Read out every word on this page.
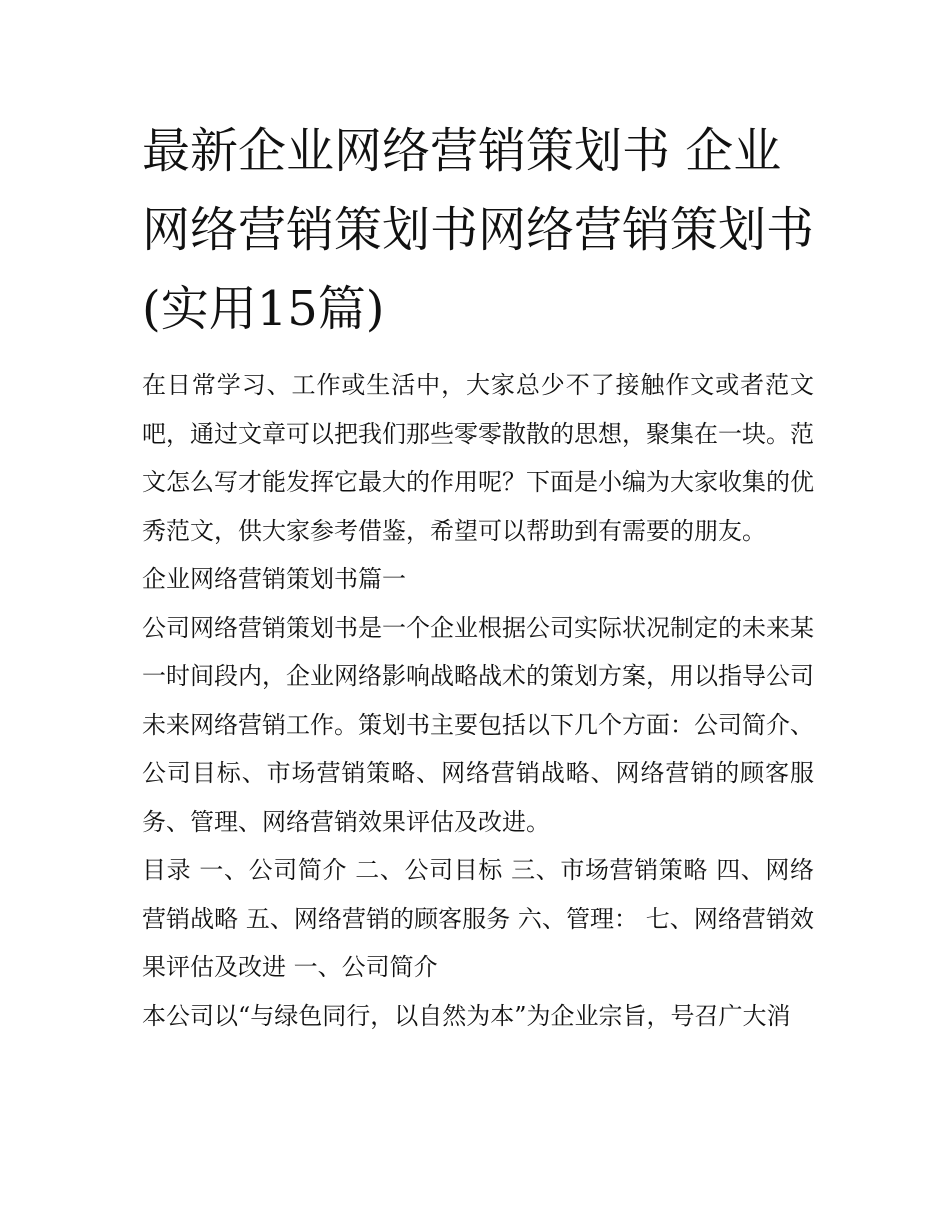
最新企业网络营销策划书 企业网络营销策划书网络营销策划书(实用15篇)

在日常学习、工作或生活中，大家总少不了接触作文或者范文吧，通过文章可以把我们那些零零散散的思想，聚集在一块。范文怎么写才能发挥它最大的作用呢？下面是小编为大家收集的优秀范文，供大家参考借鉴，希望可以帮助到有需要的朋友。

企业网络营销策划书篇一

公司网络营销策划书是一个企业根据公司实际状况制定的未来某一时间段内，企业网络影响战略战术的策划方案，用以指导公司未来网络营销工作。策划书主要包括以下几个方面：公司简介、公司目标、市场营销策略、网络营销战略、网络营销的顾客服务、管理、网络营销效果评估及改进。

目录 一、公司简介 二、公司目标 三、市场营销策略 四、网络营销战略 五、网络营销的顾客服务 六、管理： 七、网络营销效果评估及改进 一、公司简介

本公司以“与绿色同行，以自然为本”为企业宗旨，号召广大消
